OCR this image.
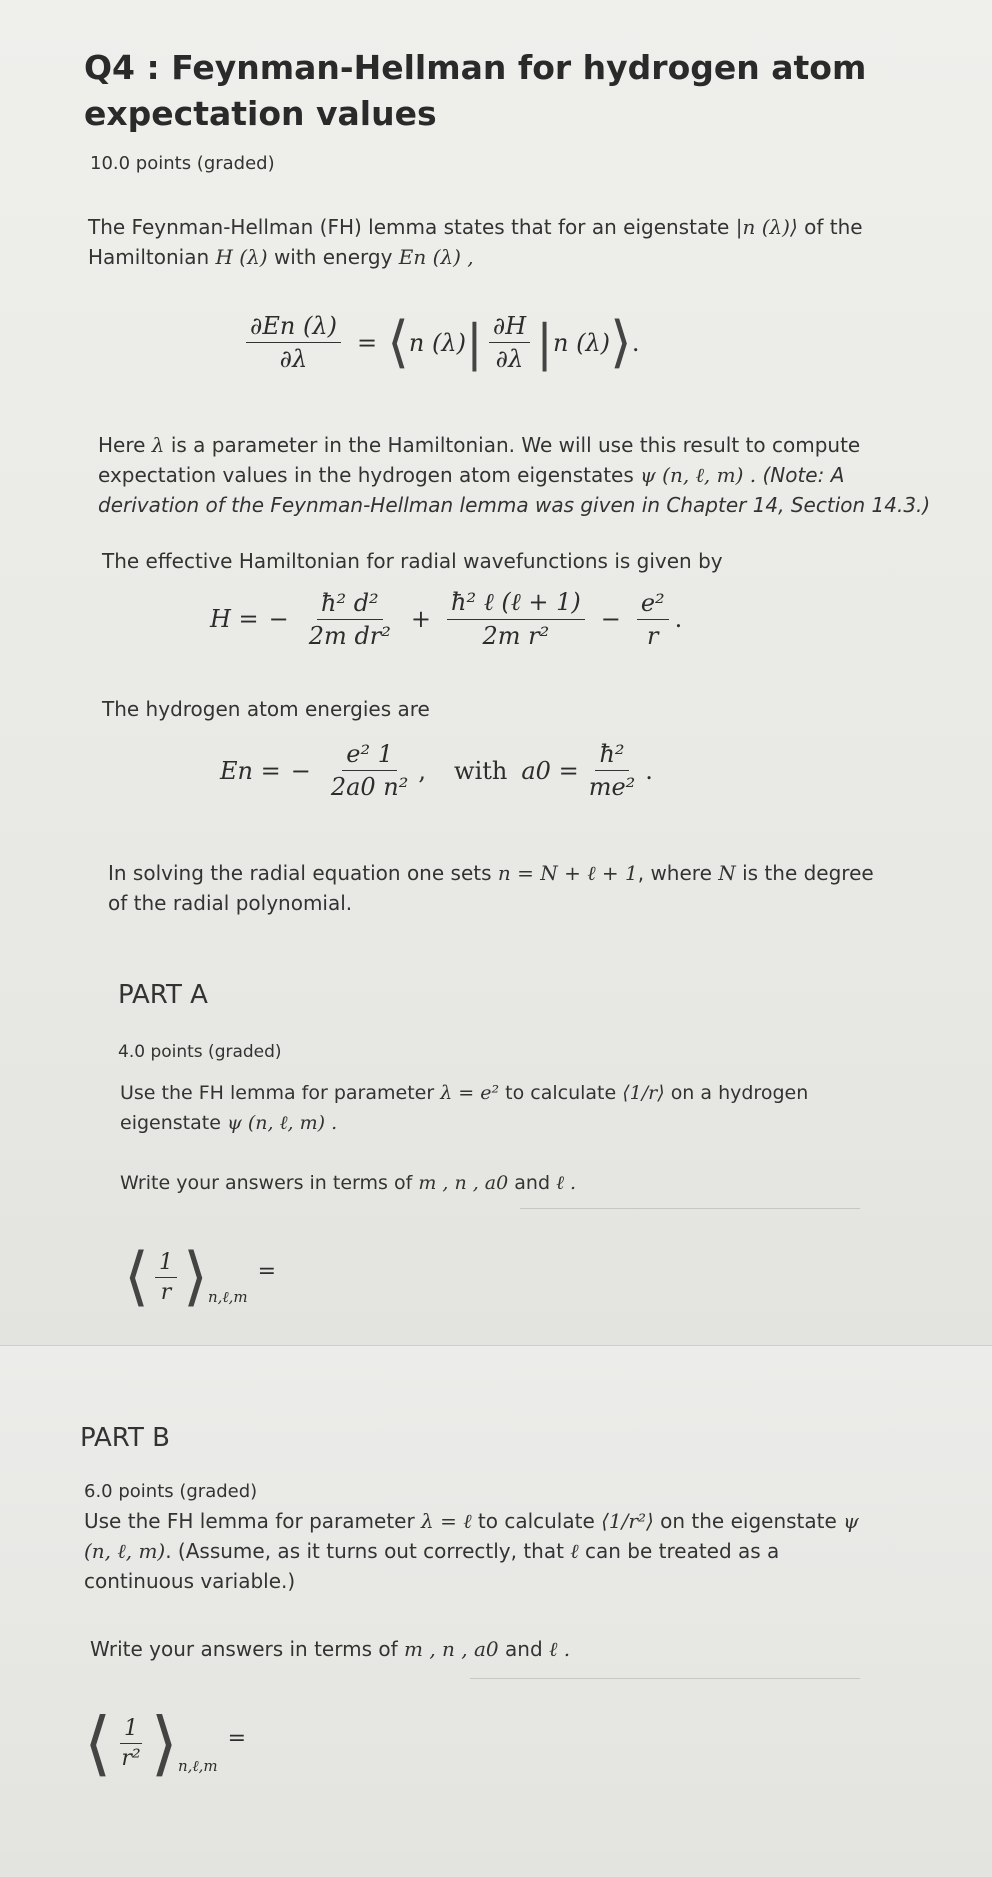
Q4 : Feynman-Hellman for hydrogen atom expectation values
10.0 points (graded)
The Feynman-Hellman (FH) lemma states that for an eigenstate |n (λ)⟩ of the
Hamiltonian H (λ) with energy En (λ) ,
$\frac{\partial En (\lambda)}{\partial\lambda}$ = ⟨ n (λ) | $\frac{\partial H}{\partial\lambda}$ | n (λ) ⟩ .
Here λ is a parameter in the Hamiltonian. We will use this result to compute
expectation values in the hydrogen atom eigenstates ψ (n, ℓ, m) . (Note: A derivation of the Feynman-Hellman lemma was given in Chapter 14, Section 14.3.)
The effective Hamiltonian for radial wavefunctions is given by
H = − $\frac{\text{ħ² d²}}{\text{2m dr²}} + \frac{\text{ħ² ℓ (ℓ + 1)}}{\text{2m r²}} - \frac{\text{e²}}{r}$ .
The hydrogen atom energies are
En = − $\frac{\text{e² 1}}{\text{2a0 n²}}$ , with $a0 = \frac{\text{ħ²}}{\text{me²}}$ .
In solving the radial equation one sets n = N + ℓ + 1, where N is the degree of the radial polynomial.
PART A
4.0 points (graded)
Use the FH lemma for parameter λ = e² to calculate ⟨1/r⟩ on a hydrogen eigenstate ψ (n, ℓ, m) .
Write your answers in terms of m , n , a0 and ℓ .
⟨ $\frac{1}{r}$ ⟩ n,ℓ,m
=
PART B
6.0 points (graded)
Use the FH lemma for parameter λ = ℓ to calculate ⟨1/r²⟩ on the eigenstate ψ (n, ℓ, m). (Assume, as it turns out correctly, that ℓ can be treated as a continuous variable.)
Write your answers in terms of m , n , a0 and ℓ .
⟨ $\frac{1}{\text{r²}}$ ⟩ n,ℓ,m
=
